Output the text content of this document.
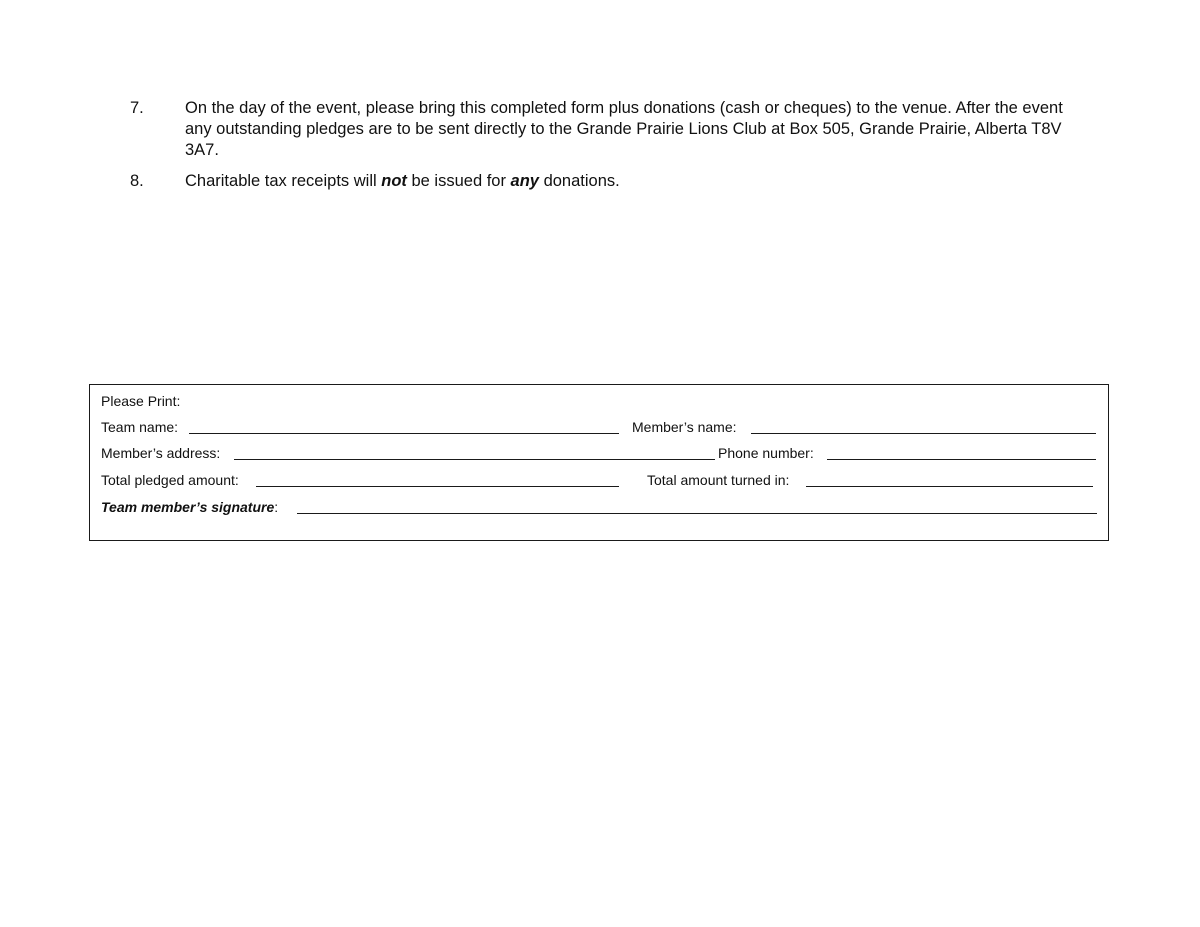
7. On the day of the event, please bring this completed form plus donations (cash or cheques) to the venue. After the event any outstanding pledges are to be sent directly to the Grande Prairie Lions Club at Box 505, Grande Prairie, Alberta T8V 3A7.
8. Charitable tax receipts will not be issued for any donations.
Please Print:
Team name:	Member’s name:
Member’s address:	Phone number:
Total pledged amount:	Total amount turned in:
Team member’s signature:
